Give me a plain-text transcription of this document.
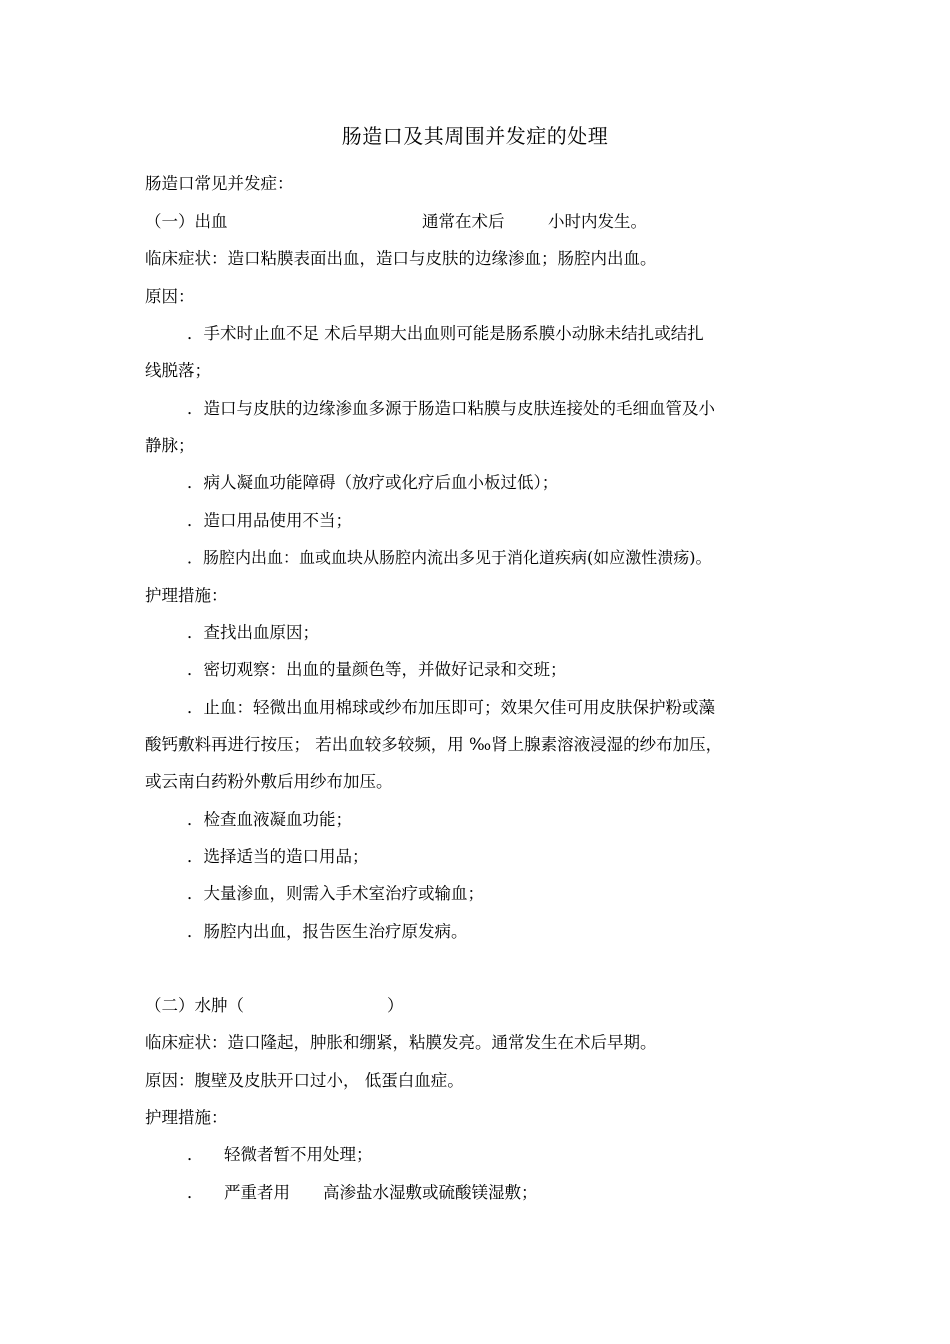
肠造口及其周围并发症的处理
肠造口常见并发症：
（一）出血	通常在术后	小时内发生。
临床症状：造口粘膜表面出血，造口与皮肤的边缘渗血；肠腔内出血。
原因：
．手术时止血不足 术后早期大出血则可能是肠系膜小动脉未结扎或结扎
线脱落；
．造口与皮肤的边缘渗血多源于肠造口粘膜与皮肤连接处的毛细血管及小
静脉；
．病人凝血功能障碍（放疗或化疗后血小板过低）；
．造口用品使用不当；
．肠腔内出血：血或血块从肠腔内流出多见于消化道疾病(如应激性溃疡)。
护理措施：
．查找出血原因；
．密切观察：出血的量颜色等，并做好记录和交班；
．止血：轻微出血用棉球或纱布加压即可；效果欠佳可用皮肤保护粉或藻
酸钙敷料再进行按压； 若出血较多较频，用 ‰肾上腺素溶液浸湿的纱布加压，
或云南白药粉外敷后用纱布加压。
．检查血液凝血功能；
．选择适当的造口用品；
．大量渗血，则需入手术室治疗或输血；
．肠腔内出血，报告医生治疗原发病。
（二）水肿（	）
临床症状：造口隆起，肿胀和绷紧，粘膜发亮。通常发生在术后早期。
原因：腹壁及皮肤开口过小， 低蛋白血症。
护理措施：
． 轻微者暂不用处理；
． 严重者用 高渗盐水湿敷或硫酸镁湿敷；
